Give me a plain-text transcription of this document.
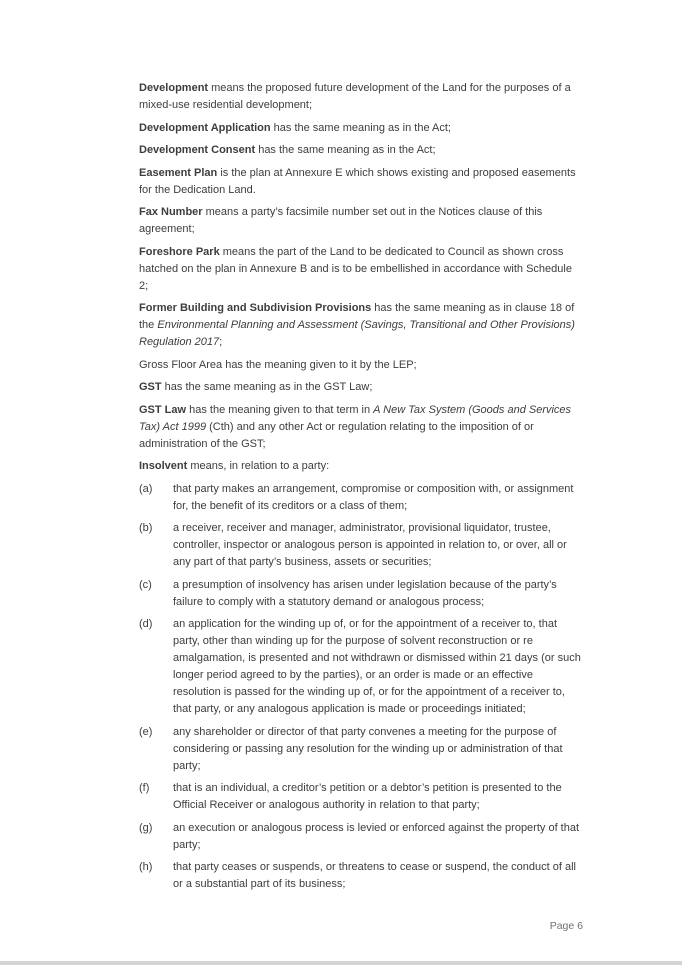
Development means the proposed future development of the Land for the purposes of a mixed-use residential development;

Development Application has the same meaning as in the Act;

Development Consent has the same meaning as in the Act;

Easement Plan is the plan at Annexure E which shows existing and proposed easements for the Dedication Land.

Fax Number means a party’s facsimile number set out in the Notices clause of this agreement;

Foreshore Park means the part of the Land to be dedicated to Council as shown cross hatched on the plan in Annexure B and is to be embellished in accordance with Schedule 2;

Former Building and Subdivision Provisions has the same meaning as in clause 18 of the Environmental Planning and Assessment (Savings, Transitional and Other Provisions) Regulation 2017;

Gross Floor Area has the meaning given to it by the LEP;

GST has the same meaning as in the GST Law;

GST Law has the meaning given to that term in A New Tax System (Goods and Services Tax) Act 1999 (Cth) and any other Act or regulation relating to the imposition of or administration of the GST;

Insolvent means, in relation to a party:

(a)	that party makes an arrangement, compromise or composition with, or assignment for, the benefit of its creditors or a class of them;
(b)	a receiver, receiver and manager, administrator, provisional liquidator, trustee, controller, inspector or analogous person is appointed in relation to, or over, all or any part of that party’s business, assets or securities;
(c)	a presumption of insolvency has arisen under legislation because of the party’s failure to comply with a statutory demand or analogous process;
(d)	an application for the winding up of, or for the appointment of a receiver to, that party, other than winding up for the purpose of solvent reconstruction or re amalgamation, is presented and not withdrawn or dismissed within 21 days (or such longer period agreed to by the parties), or an order is made or an effective resolution is passed for the winding up of, or for the appointment of a receiver to, that party, or any analogous application is made or proceedings initiated;
(e)	any shareholder or director of that party convenes a meeting for the purpose of considering or passing any resolution for the winding up or administration of that party;
(f)	that is an individual, a creditor’s petition or a debtor’s petition is presented to the Official Receiver or analogous authority in relation to that party;
(g)	an execution or analogous process is levied or enforced against the property of that party;
(h)	that party ceases or suspends, or threatens to cease or suspend, the conduct of all or a substantial part of its business;
Page 6
